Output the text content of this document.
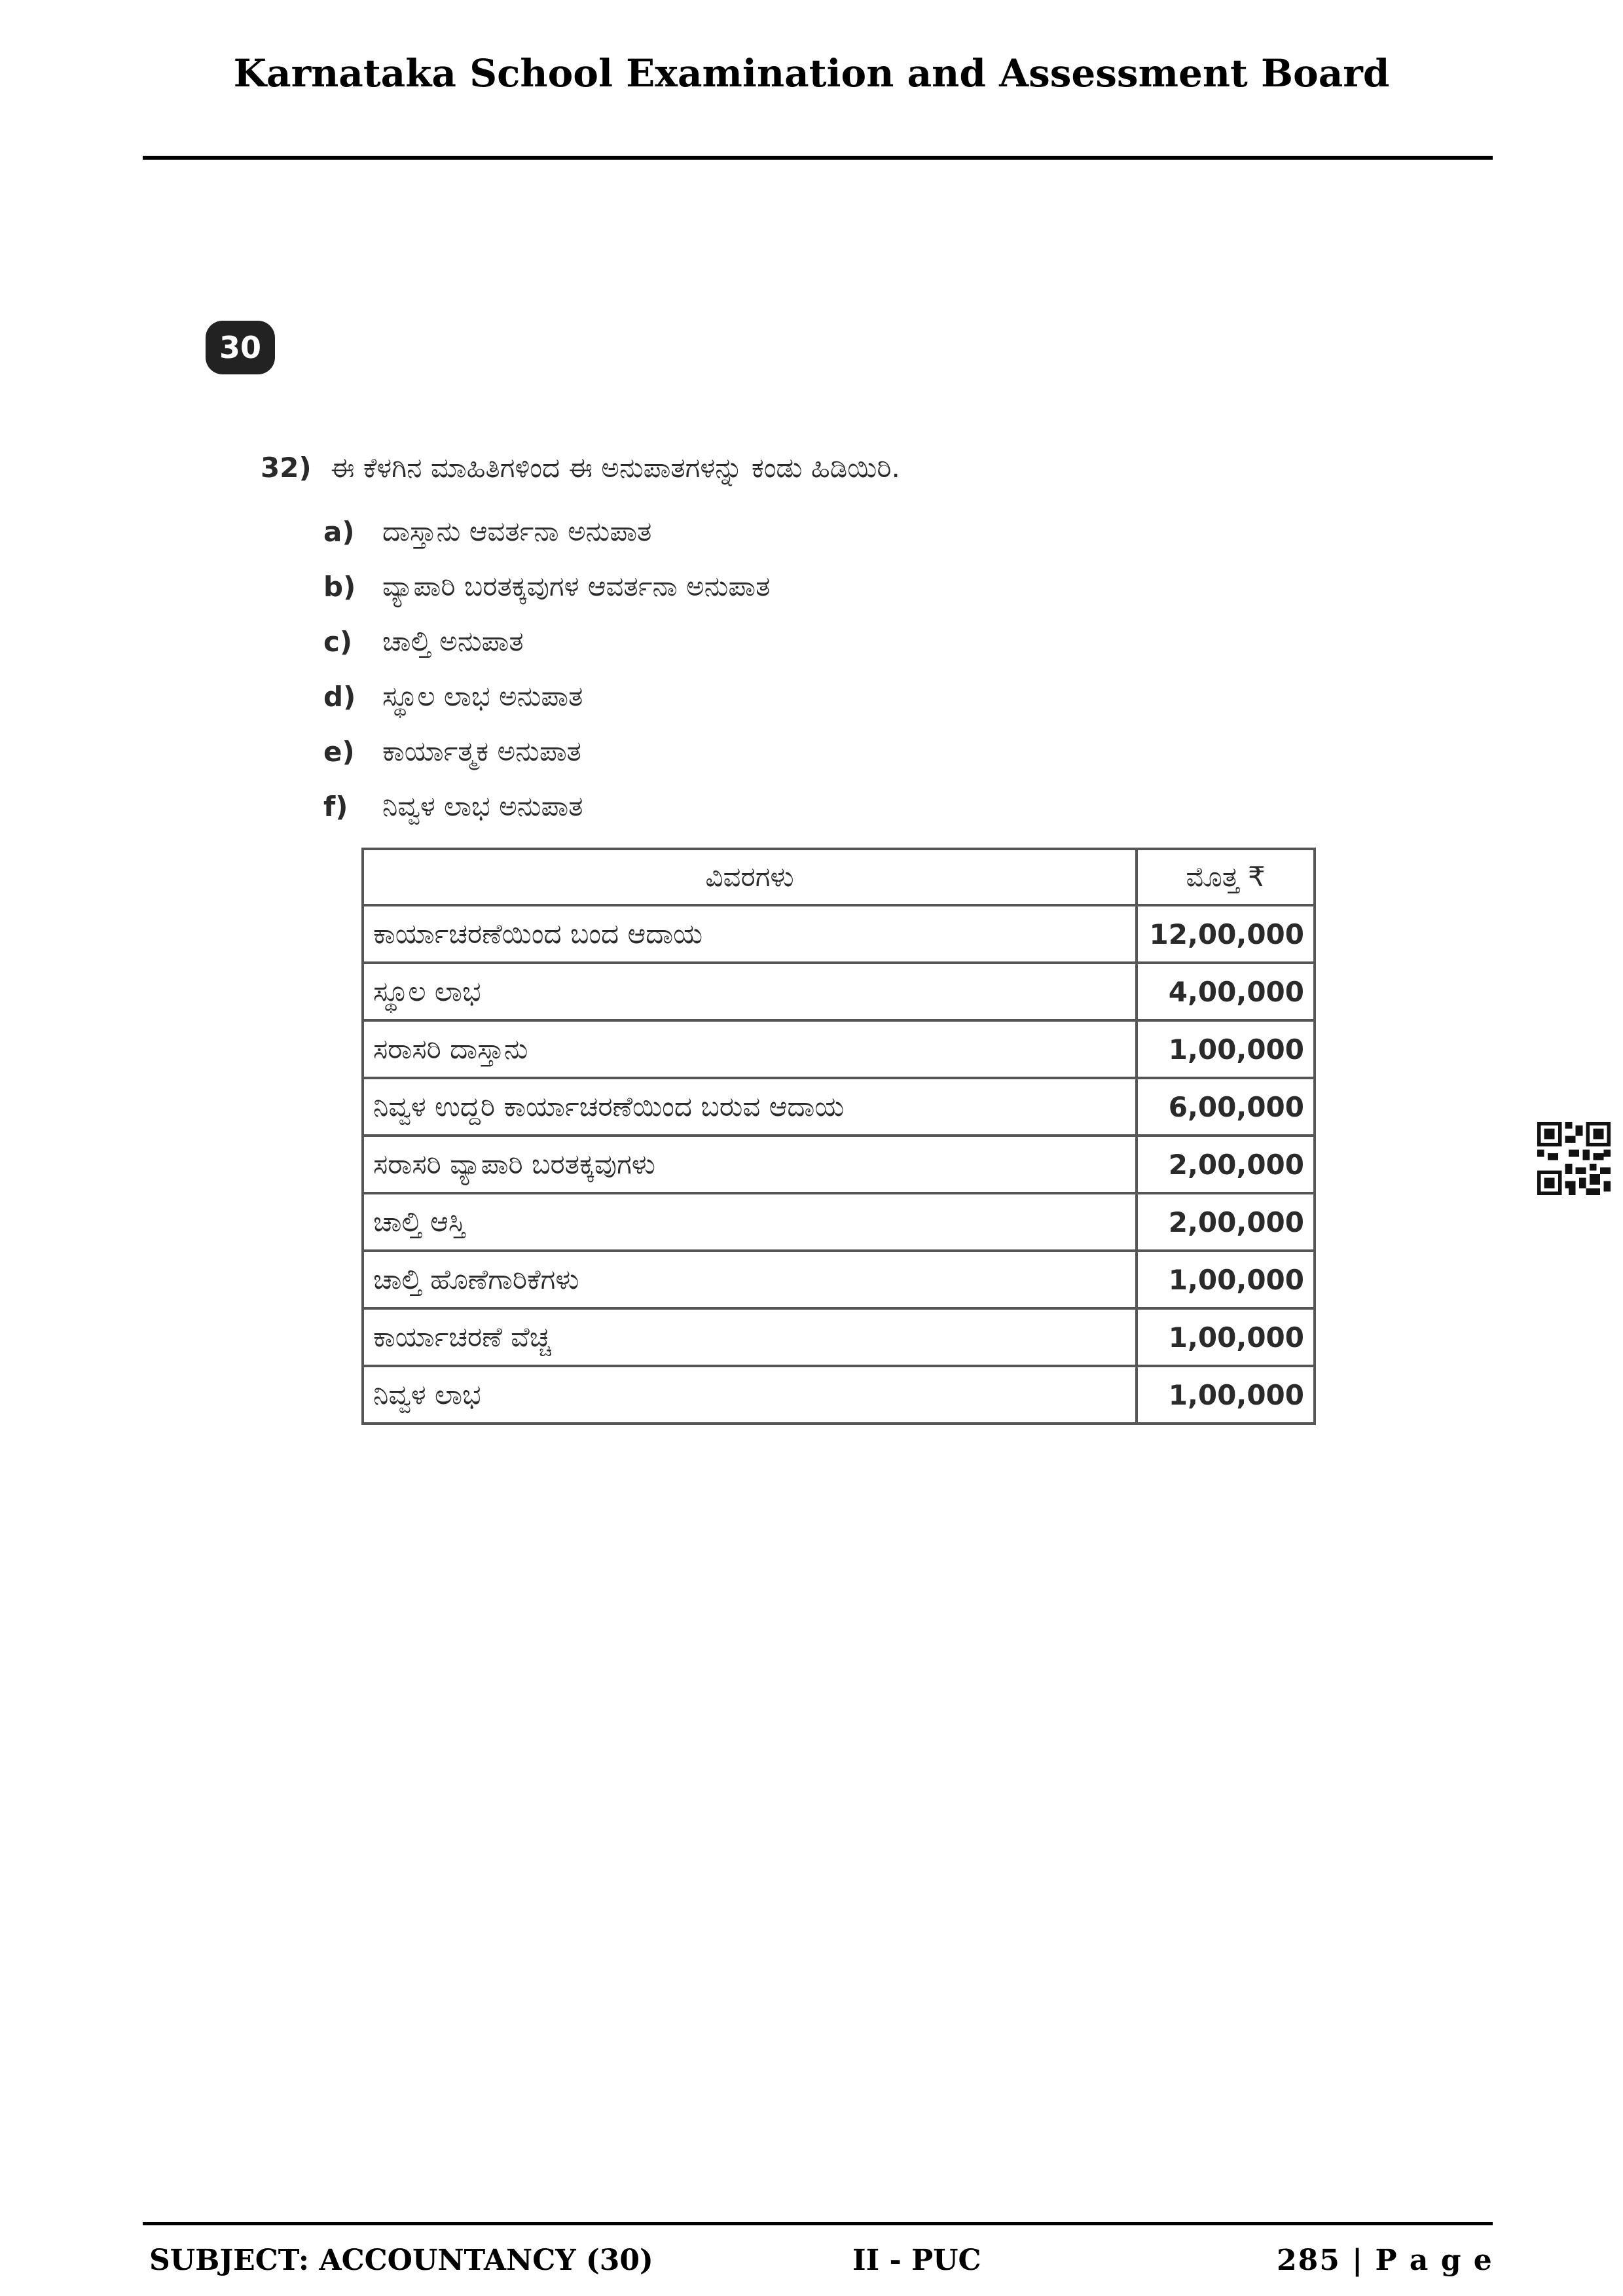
Karnataka School Examination and Assessment Board
30
32) ಈ ಕೆಳಗಿನ ಮಾಹಿತಿಗಳಿಂದ ಈ ಅನುಪಾತಗಳನ್ನು ಕಂಡು ಹಿಡಿಯಿರಿ.
a)	ದಾಸ್ತಾನು ಆವರ್ತನಾ ಅನುಪಾತ
b) ವ್ಯಾಪಾರಿ ಬರತಕ್ಕವುಗಳ ಆವರ್ತನಾ ಅನುಪಾತ
c)	ಚಾಲ್ತಿ ಅನುಪಾತ
d) ಸ್ಥೂಲ ಲಾಭ ಅನುಪಾತ
e)	ಕಾರ್ಯಾತ್ಮಕ ಅನುಪಾತ
f)	ನಿವ್ವಳ ಲಾಭ ಅನುಪಾತ
ವಿವರಗಳು	ಮೊತ್ತ ₹
ಕಾರ್ಯಾಚರಣೆಯಿಂದ ಬಂದ ಆದಾಯ	12,00,000
ಸ್ಥೂಲ ಲಾಭ	4,00,000
ಸರಾಸರಿ ದಾಸ್ತಾನು	1,00,000
ನಿವ್ವಳ ಉದ್ದರಿ ಕಾರ್ಯಾಚರಣೆಯಿಂದ ಬರುವ ಆದಾಯ	6,00,000
ಸರಾಸರಿ ವ್ಯಾಪಾರಿ ಬರತಕ್ಕವುಗಳು	2,00,000
ಚಾಲ್ತಿ ಆಸ್ತಿ	2,00,000
ಚಾಲ್ತಿ ಹೊಣೆಗಾರಿಕೆಗಳು	1,00,000
ಕಾರ್ಯಾಚರಣೆ ವೆಚ್ಚ	1,00,000
ನಿವ್ವಳ ಲಾಭ	1,00,000
SUBJECT: ACCOUNTANCY (30)	II - PUC	285 | P a g e
